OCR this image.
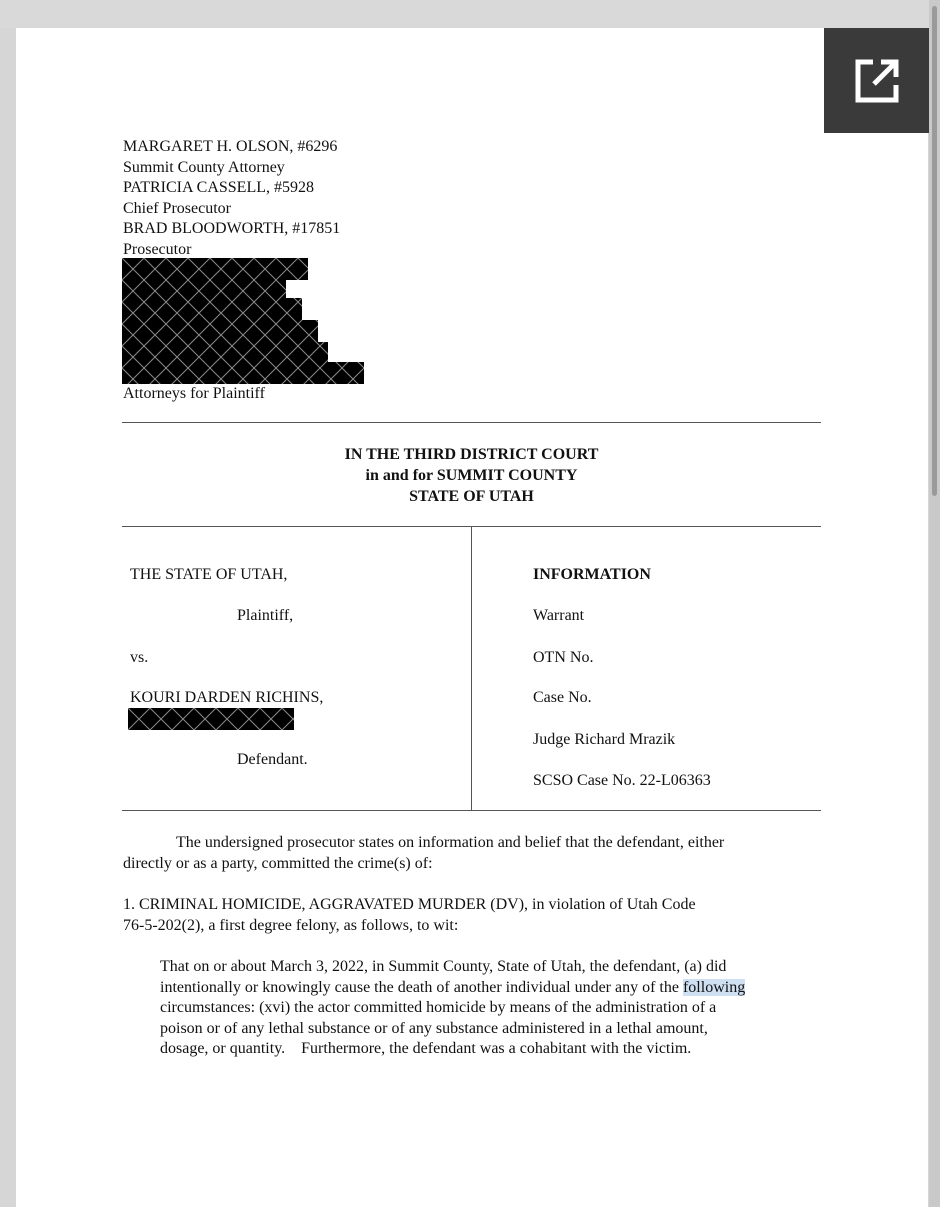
MARGARET H. OLSON, #6296
Summit County Attorney
PATRICIA CASSELL, #5928
Chief Prosecutor
BRAD BLOODWORTH, #17851
Prosecutor
Attorneys for Plaintiff
IN THE THIRD DISTRICT COURT
in and for SUMMIT COUNTY
STATE OF UTAH
THE STATE OF UTAH,
Plaintiff,
vs.
KOURI DARDEN RICHINS,
Defendant.
INFORMATION
Warrant
OTN No.
Case No.
Judge Richard Mrazik
SCSO Case No. 22-L06363
The undersigned prosecutor states on information and belief that the defendant, either
directly or as a party, committed the crime(s) of:
1. CRIMINAL HOMICIDE, AGGRAVATED MURDER (DV), in violation of Utah Code
76-5-202(2), a first degree felony, as follows, to wit:
That on or about March 3, 2022, in Summit County, State of Utah, the defendant, (a) did
intentionally or knowingly cause the death of another individual under any of the following
circumstances: (xvi) the actor committed homicide by means of the administration of a
poison or of any lethal substance or of any substance administered in a lethal amount,
dosage, or quantity.    Furthermore, the defendant was a cohabitant with the victim.
